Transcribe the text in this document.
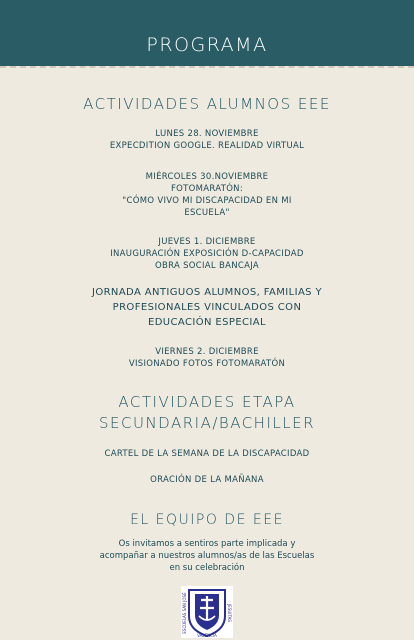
PROGRAMA
ACTIVIDADES ALUMNOS EEE
LUNES 28. NOVIEMBRE
EXPECDITION GOOGLE. REALIDAD VIRTUAL
MIÉRCOLES 30.NOVIEMBRE
FOTOMARATÓN:
"CÓMO VIVO MI DISCAPACIDAD EN MI
ESCUELA"
JUEVES 1. DICIEMBRE
INAUGURACIÓN EXPOSICIÓN D-CAPACIDAD
OBRA SOCIAL BANCAJA
JORNADA ANTIGUOS ALUMNOS, FAMILIAS Y
PROFESIONALES VINCULADOS CON
EDUCACIÓN ESPECIAL
VIERNES 2. DICIEMBRE
VISIONADO FOTOS FOTOMARATÓN
ACTIVIDADES ETAPA
SECUNDARIA/BACHILLER
CARTEL DE LA SEMANA DE LA DISCAPACIDAD
ORACIÓN DE LA MAÑANA
EL EQUIPO DE EEE
Os invitamos a sentiros parte implicada y
acompañar a nuestros alumnos/as de las Escuelas
en su celebración
ESCUELAS SAN JOSÉ	JESUITAS
VALENCIA
